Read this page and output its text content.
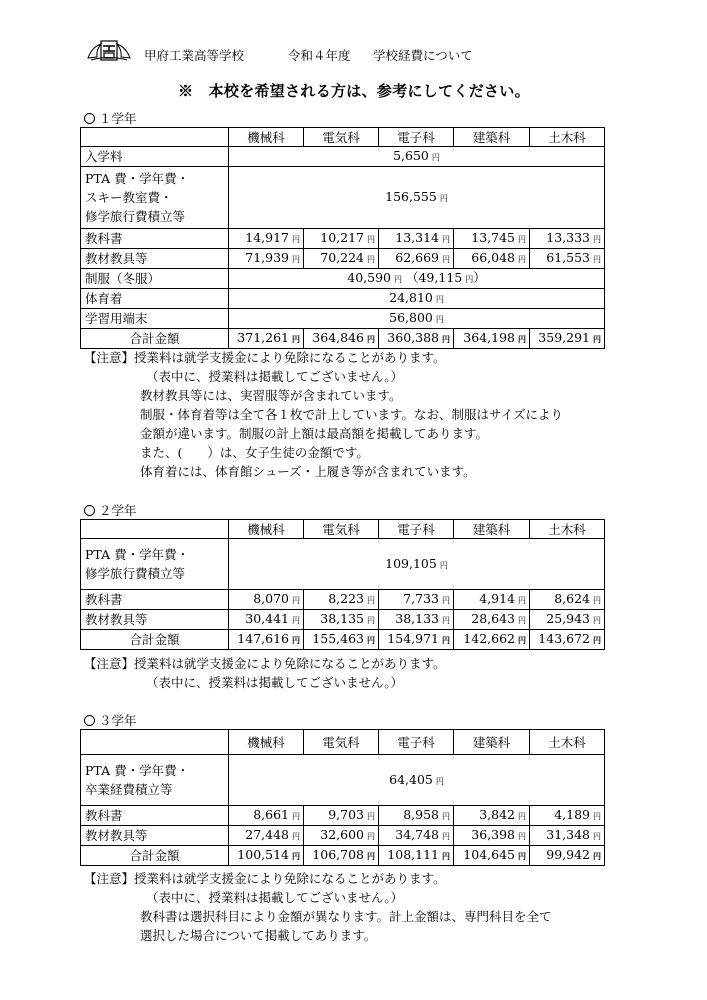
甲府工業高等学校	令和４年度 学校経費について
※　本校を希望される方は、参考にしてください。
１学年
	機械科	電気科	電子科	建築科	土木科
入学料	5,650 円				

PTA 費・学年費・
スキー教室費・
修学旅行費積立等	156,555 円				
教科書	14,917 円	10,217 円	13,314 円	13,745 円	13,333 円
教材教具等	71,939 円	70,224 円	62,669 円	66,048 円	61,553 円
制服（冬服）	40,590 円 （49,115 円）				
体育着	24,810 円				
学習用端末	56,800 円				
合計金額	371,261 円	364,846 円	360,388 円	364,198 円	359,291 円
【注意】授業料は就学支援金により免除になることがあります。
（表中に、授業料は掲載してございません。）
教材教具等には、実習服等が含まれています。
制服・体育着等は全て各１枚で計上しています。なお、制服はサイズにより
金額が違います。制服の計上額は最高額を掲載してあります。
また、(　　）は、女子生徒の金額です。
体育着には、体育館シューズ・上履き等が含まれています。
２学年
	機械科	電気科	電子科	建築科	土木科

PTA 費・学年費・
修学旅行費積立等	109,105 円				
教科書	8,070 円	8,223 円	7,733 円	4,914 円	8,624 円
教材教具等	30,441 円	38,135 円	38,133 円	28,643 円	25,943 円
合計金額	147,616 円	155,463 円	154,971 円	142,662 円	143,672 円
【注意】授業料は就学支援金により免除になることがあります。
（表中に、授業料は掲載してございません。）
３学年
	機械科	電気科	電子科	建築科	土木科

PTA 費・学年費・
卒業経費積立等	64,405 円				
教科書	8,661 円	9,703 円	8,958 円	3,842 円	4,189 円
教材教具等	27,448 円	32,600 円	34,748 円	36,398 円	31,348 円
合計金額	100,514 円	106,708 円	108,111 円	104,645 円	99,942 円
【注意】授業料は就学支援金により免除になることがあります。
（表中に、授業料は掲載してございません。）
教科書は選択科目により金額が異なります。計上金額は、専門科目を全て
選択した場合について掲載してあります。
